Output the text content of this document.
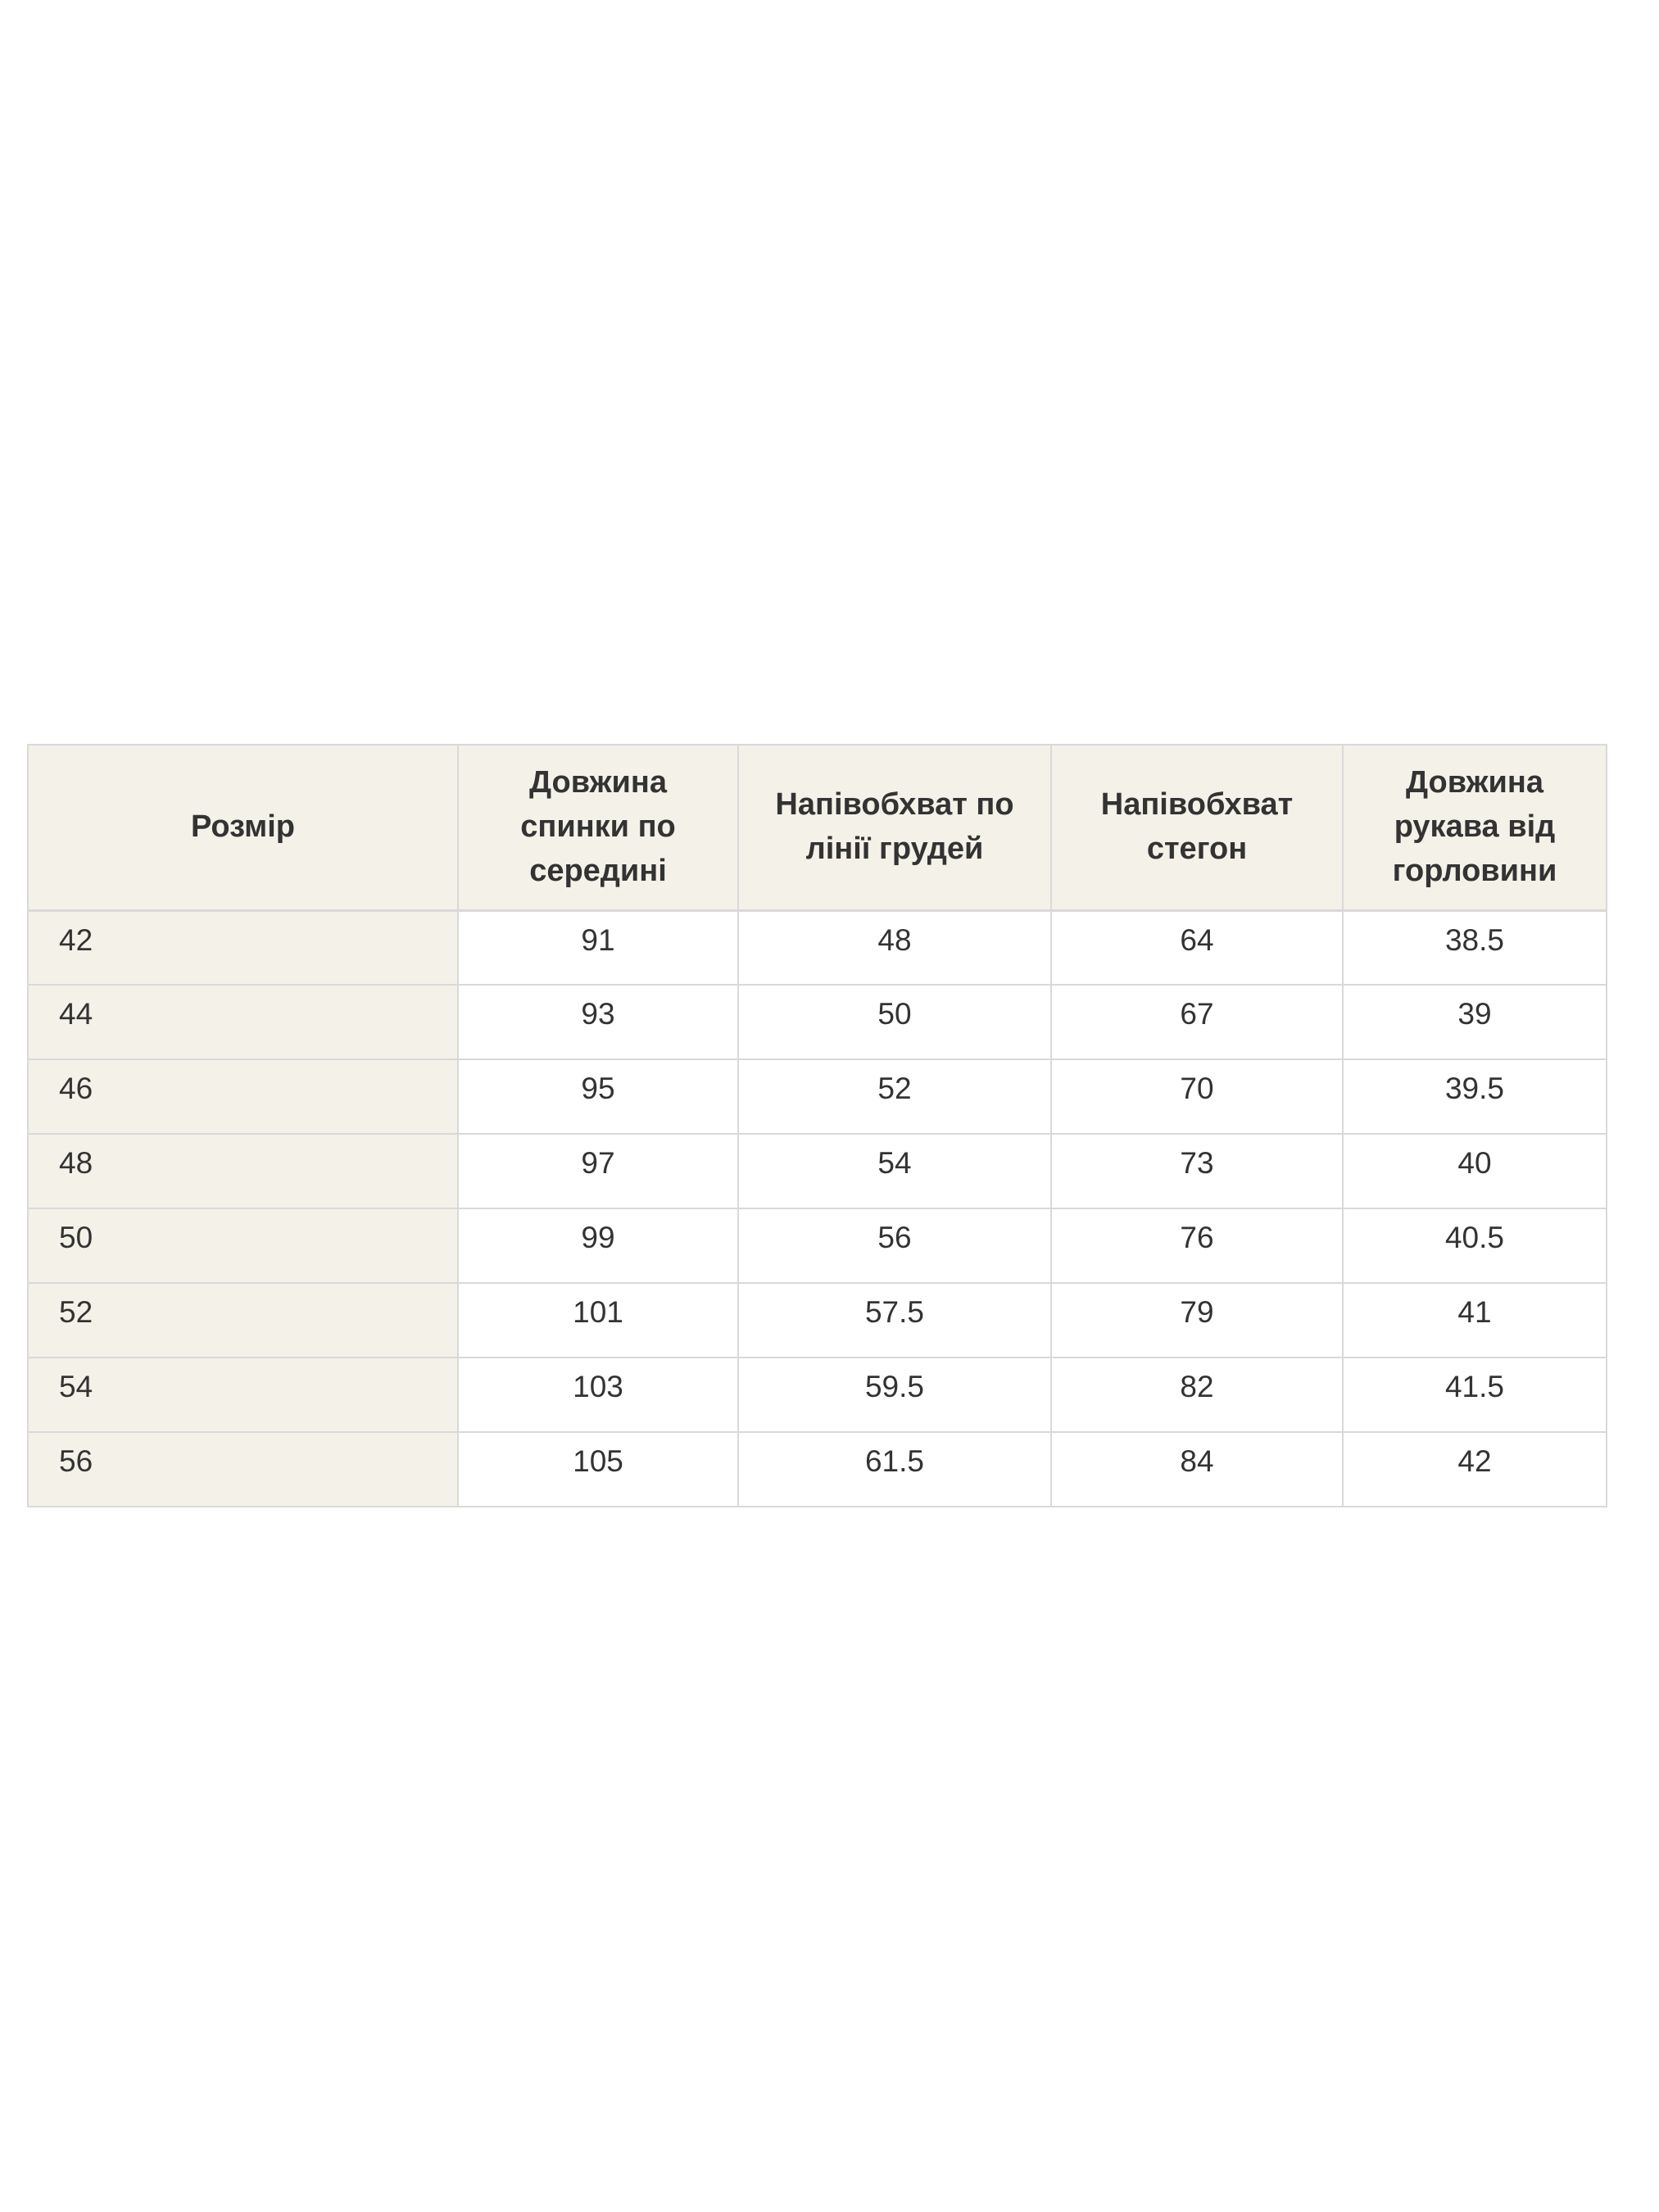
Розмір	Довжина спинки по середині	Напівобхват по лінії грудей	Напівобхват стегон	Довжина рукава від горловини
42	91	48	64	38.5
44	93	50	67	39
46	95	52	70	39.5
48	97	54	73	40
50	99	56	76	40.5
52	101	57.5	79	41
54	103	59.5	82	41.5
56	105	61.5	84	42
